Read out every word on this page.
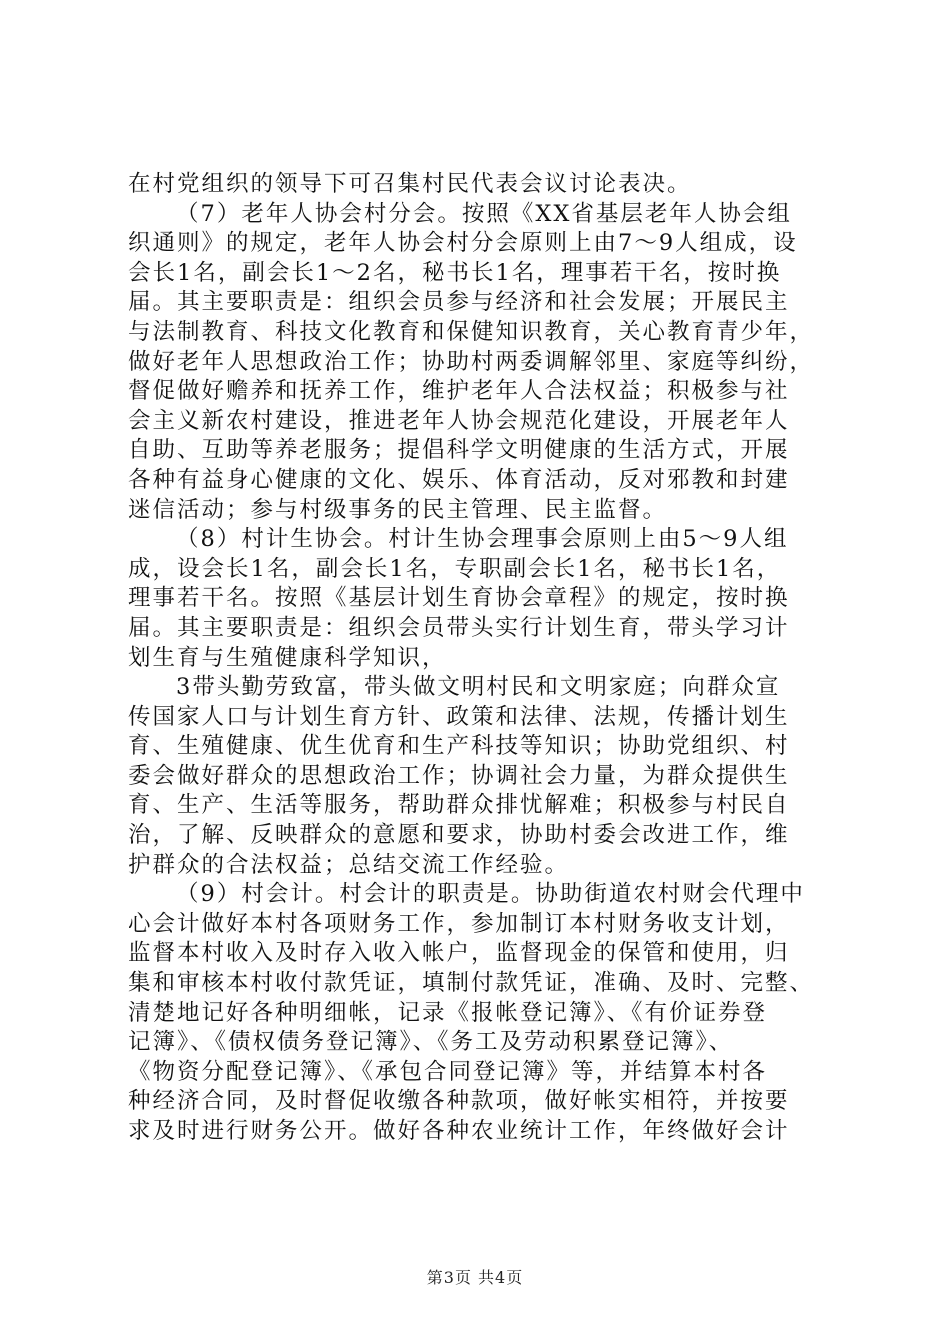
在村党组织的领导下可召集村民代表会议讨论表决。
（7）老年人协会村分会。按照《XX省基层老年人协会组
织通则》的规定，老年人协会村分会原则上由7～9人组成，设
会长1名，副会长1～2名，秘书长1名，理事若干名，按时换
届。其主要职责是：组织会员参与经济和社会发展；开展民主
与法制教育、科技文化教育和保健知识教育，关心教育青少年，
做好老年人思想政治工作；协助村两委调解邻里、家庭等纠纷，
督促做好赡养和抚养工作，维护老年人合法权益；积极参与社
会主义新农村建设，推进老年人协会规范化建设，开展老年人
自助、互助等养老服务；提倡科学文明健康的生活方式，开展
各种有益身心健康的文化、娱乐、体育活动，反对邪教和封建
迷信活动；参与村级事务的民主管理、民主监督。
（8）村计生协会。村计生协会理事会原则上由5～9人组
成，设会长1名，副会长1名，专职副会长1名，秘书长1名，
理事若干名。按照《基层计划生育协会章程》的规定，按时换
届。其主要职责是：组织会员带头实行计划生育，带头学习计
划生育与生殖健康科学知识，
3带头勤劳致富，带头做文明村民和文明家庭；向群众宣
传国家人口与计划生育方针、政策和法律、法规，传播计划生
育、生殖健康、优生优育和生产科技等知识；协助党组织、村
委会做好群众的思想政治工作；协调社会力量，为群众提供生
育、生产、生活等服务，帮助群众排忧解难；积极参与村民自
治，了解、反映群众的意愿和要求，协助村委会改进工作，维
护群众的合法权益；总结交流工作经验。
（9）村会计。村会计的职责是。协助街道农村财会代理中
心会计做好本村各项财务工作，参加制订本村财务收支计划，
监督本村收入及时存入收入帐户，监督现金的保管和使用，归
集和审核本村收付款凭证，填制付款凭证，准确、及时、完整、
清楚地记好各种明细帐，记录《报帐登记簿》、《有价证券登
记簿》、《债权债务登记簿》、《务工及劳动积累登记簿》、
《物资分配登记簿》、《承包合同登记簿》等，并结算本村各
种经济合同，及时督促收缴各种款项，做好帐实相符，并按要
求及时进行财务公开。做好各种农业统计工作，年终做好会计
第3页 共4页
